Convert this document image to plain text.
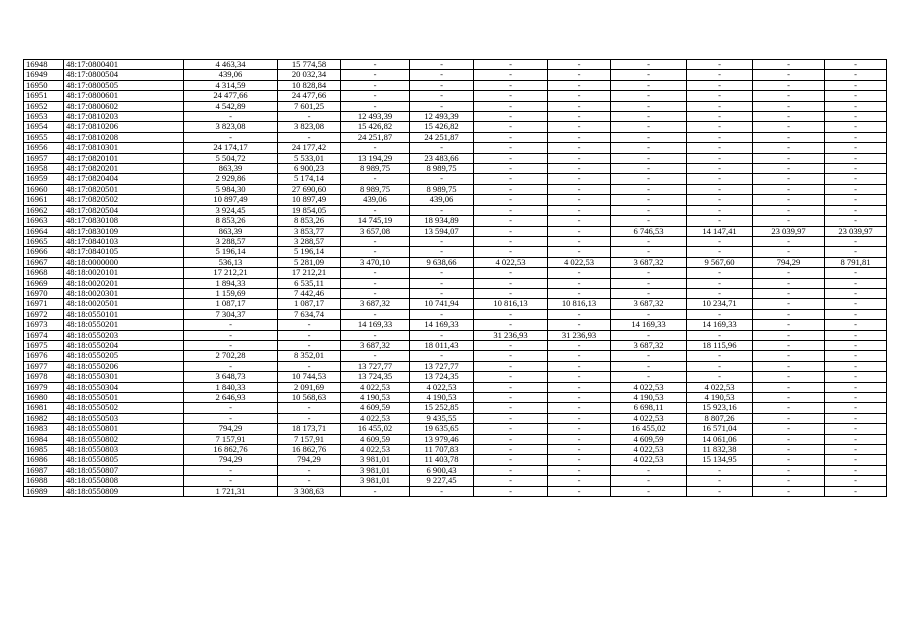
16948	48:17:0800401	4 463,34	15 774,58	-	-	-	-	-	-	-	-
16949	48:17:0800504	439,06	20 032,34	-	-	-	-	-	-	-	-
16950	48:17:0800505	4 314,59	10 828,84	-	-	-	-	-	-	-	-
16951	48:17:0800601	24 477,66	24 477,66	-	-	-	-	-	-	-	-
16952	48:17:0800602	4 542,89	7 601,25	-	-	-	-	-	-	-	-
16953	48:17:0810203	-	-	12 493,39	12 493,39	-	-	-	-	-	-
16954	48:17:0810206	3 823,08	3 823,08	15 426,82	15 426,82	-	-	-	-	-	-
16955	48:17:0810208	-	-	24 251,87	24 251,87	-	-	-	-	-	-
16956	48:17:0810301	24 174,17	24 177,42	-	-	-	-	-	-	-	-
16957	48:17:0820101	5 504,72	5 533,01	13 194,29	23 483,66	-	-	-	-	-	-
16958	48:17:0820201	863,39	6 900,23	8 989,75	8 989,75	-	-	-	-	-	-
16959	48:17:0820404	2 929,86	5 174,14	-	-	-	-	-	-	-	-
16960	48:17:0820501	5 984,30	27 690,60	8 989,75	8 989,75	-	-	-	-	-	-
16961	48:17:0820502	10 897,49	10 897,49	439,06	439,06	-	-	-	-	-	-
16962	48:17:0820504	3 924,45	19 854,05	-	-	-	-	-	-	-	-
16963	48:17:0830108	8 853,26	8 853,26	14 745,19	18 934,89	-	-	-	-	-	-
16964	48:17:0830109	863,39	3 853,77	3 657,08	13 594,07	-	-	6 746,53	14 147,41	23 039,97	23 039,97
16965	48:17:0840103	3 288,57	3 288,57	-	-	-	-	-	-	-	-
16966	48:17:0840105	5 196,14	5 196,14	-	-	-	-	-	-	-	-
16967	48:18:0000000	536,13	5 281,09	3 470,10	9 638,66	4 022,53	4 022,53	3 687,32	9 567,60	794,29	8 791,81
16968	48:18:0020101	17 212,21	17 212,21	-	-	-	-	-	-	-	-
16969	48:18:0020201	1 894,33	6 535,11	-	-	-	-	-	-	-	-
16970	48:18:0020301	1 159,69	7 442,46	-	-	-	-	-	-	-	-
16971	48:18:0020501	1 087,17	1 087,17	3 687,32	10 741,94	10 816,13	10 816,13	3 687,32	10 234,71	-	-
16972	48:18:0550101	7 304,37	7 634,74	-	-	-	-	-	-	-	-
16973	48:18:0550201	-	-	14 169,33	14 169,33	-	-	14 169,33	14 169,33	-	-
16974	48:18:0550203	-	-	-	-	31 236,93	31 236,93	-	-	-	-
16975	48:18:0550204	-	-	3 687,32	18 011,43	-	-	3 687,32	18 115,96	-	-
16976	48:18:0550205	2 702,28	8 352,01	-	-	-	-	-	-	-	-
16977	48:18:0550206	-	-	13 727,77	13 727,77	-	-	-	-	-	-
16978	48:18:0550301	3 648,73	10 744,53	13 724,35	13 724,35	-	-	-	-	-	-
16979	48:18:0550304	1 840,33	2 091,69	4 022,53	4 022,53	-	-	4 022,53	4 022,53	-	-
16980	48:18:0550501	2 646,93	10 568,63	4 190,53	4 190,53	-	-	4 190,53	4 190,53	-	-
16981	48:18:0550502	-	-	4 609,59	15 252,85	-	-	6 698,11	15 923,16	-	-
16982	48:18:0550503	-	-	4 022,53	9 435,55	-	-	4 022,53	8 807,26	-	-
16983	48:18:0550801	794,29	18 173,71	16 455,02	19 635,65	-	-	16 455,02	16 571,04	-	-
16984	48:18:0550802	7 157,91	7 157,91	4 609,59	13 979,46	-	-	4 609,59	14 061,06	-	-
16985	48:18:0550803	16 862,76	16 862,76	4 022,53	11 707,83	-	-	4 022,53	11 832,38	-	-
16986	48:18:0550805	794,29	794,29	3 981,01	11 403,78	-	-	4 022,53	15 134,95	-	-
16987	48:18:0550807	-	-	3 981,01	6 900,43	-	-	-	-	-	-
16988	48:18:0550808	-	-	3 981,01	9 227,45	-	-	-	-	-	-
16989	48:18:0550809	1 721,31	3 308,63	-	-	-	-	-	-	-	-
